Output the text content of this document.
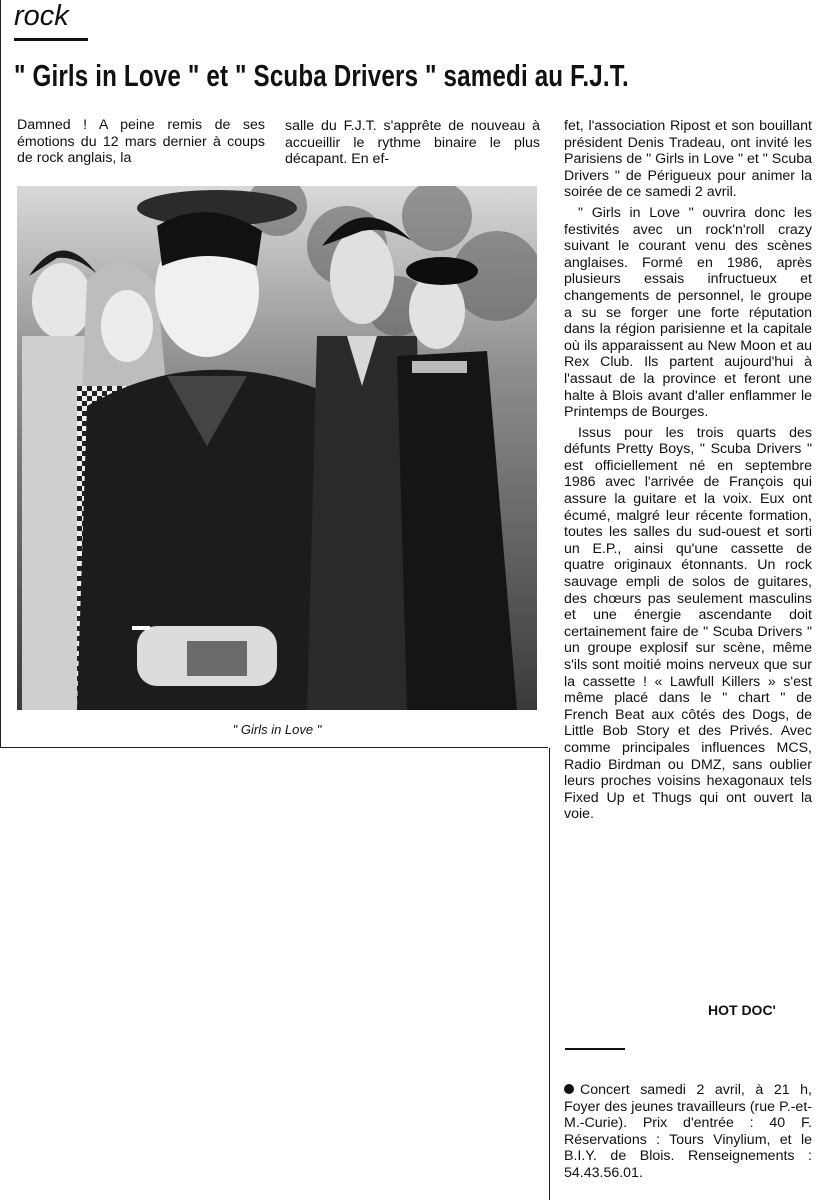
rock
" Girls in Love " et " Scuba Drivers " samedi au F.J.T.
Damned ! A peine remis de ses émotions du 12 mars dernier à coups de rock anglais, la
salle du F.J.T. s'apprête de nouveau à accueillir le rythme binaire le plus décapant. En ef-

fet, l'association Ripost et son bouillant président Denis Tradeau, ont invité les Parisiens de " Girls in Love " et " Scuba Drivers " de Périgueux pour animer la soirée de ce samedi 2 avril.

" Girls in Love " ouvrira donc les festivités avec un rock'n'roll crazy suivant le courant venu des scènes anglaises. Formé en 1986, après plusieurs essais infructueux et changements de personnel, le groupe a su se forger une forte réputation dans la région parisienne et la capitale où ils apparaissent au New Moon et au Rex Club. Ils partent aujourd'hui à l'assaut de la province et feront une halte à Blois avant d'aller enflammer le Printemps de Bourges.

Issus pour les trois quarts des défunts Pretty Boys, " Scuba Drivers " est officiellement né en septembre 1986 avec l'arrivée de François qui assure la guitare et la voix. Eux ont écumé, malgré leur récente formation, toutes les salles du sud-ouest et sorti un E.P., ainsi qu'une cassette de quatre originaux étonnants. Un rock sauvage empli de solos de guitares, des chœurs pas seulement masculins et une énergie ascendante doit certainement faire de " Scuba Drivers " un groupe explosif sur scène, même s'ils sont moitié moins nerveux que sur la cassette ! « Lawfull Killers » s'est même placé dans le " chart " de French Beat aux côtés des Dogs, de Little Bob Story et des Privés. Avec comme principales influences MCS, Radio Birdman ou DMZ, sans oublier leurs proches voisins hexagonaux tels Fixed Up et Thugs qui ont ouvert la voie.

" Girls in Love "
HOT DOC'
Concert samedi 2 avril, à 21 h, Foyer des jeunes travailleurs (rue P.-et-M.-Curie). Prix d'entrée : 40 F. Réservations : Tours Vinylium, et le B.I.Y. de Blois. Renseignements : 54.43.56.01.
